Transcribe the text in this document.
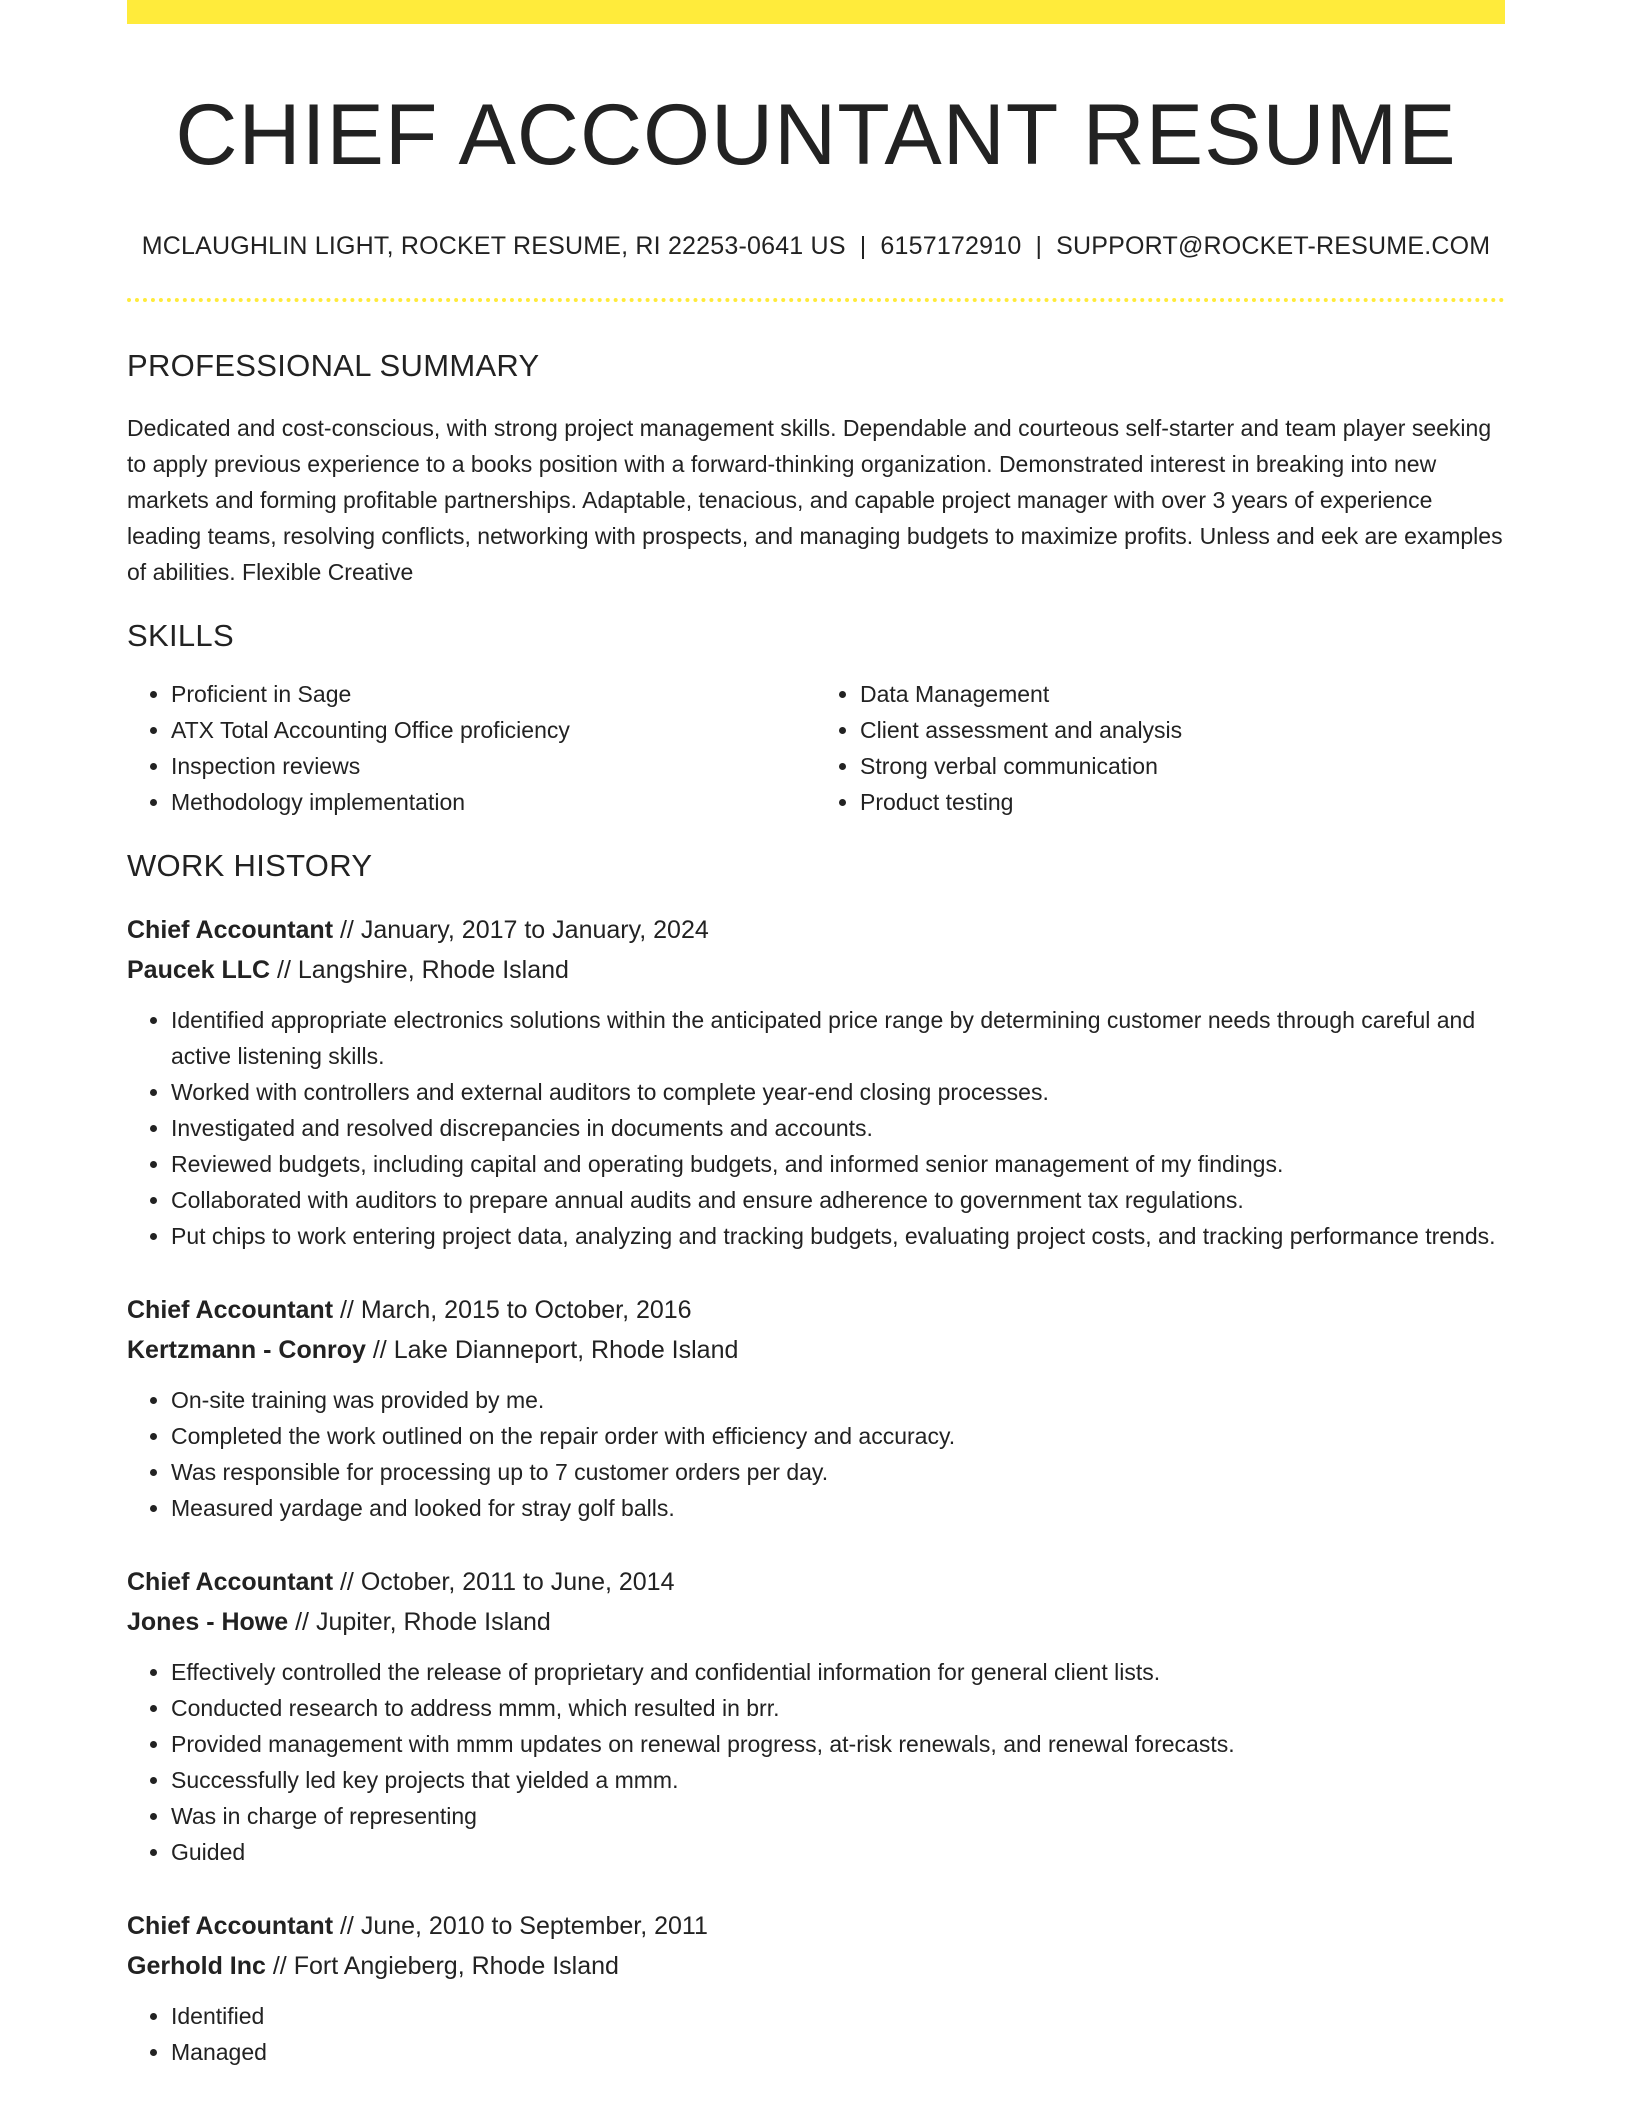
CHIEF ACCOUNTANT RESUME
MCLAUGHLIN LIGHT, ROCKET RESUME, RI 22253-0641 US | 6157172910 | SUPPORT@ROCKET-RESUME.COM
PROFESSIONAL SUMMARY

Dedicated and cost-conscious, with strong project management skills. Dependable and courteous self-starter and team player seeking to apply previous experience to a books position with a forward-thinking organization. Demonstrated interest in breaking into new markets and forming profitable partnerships. Adaptable, tenacious, and capable project manager with over 3 years of experience leading teams, resolving conflicts, networking with prospects, and managing budgets to maximize profits. Unless and eek are examples of abilities. Flexible Creative

SKILLS
• Proficient in Sage
• ATX Total Accounting Office proficiency
• Inspection reviews
• Methodology implementation
• Data Management
• Client assessment and analysis
• Strong verbal communication
• Product testing
WORK HISTORY
Chief Accountant // January, 2017 to January, 2024
Paucek LLC // Langshire, Rhode Island
• Identified appropriate electronics solutions within the anticipated price range by determining customer needs through careful and active listening skills.
• Worked with controllers and external auditors to complete year-end closing processes.
• Investigated and resolved discrepancies in documents and accounts.
• Reviewed budgets, including capital and operating budgets, and informed senior management of my findings.
• Collaborated with auditors to prepare annual audits and ensure adherence to government tax regulations.
• Put chips to work entering project data, analyzing and tracking budgets, evaluating project costs, and tracking performance trends.
Chief Accountant // March, 2015 to October, 2016
Kertzmann - Conroy // Lake Dianneport, Rhode Island
• On-site training was provided by me.
• Completed the work outlined on the repair order with efficiency and accuracy.
• Was responsible for processing up to 7 customer orders per day.
• Measured yardage and looked for stray golf balls.
Chief Accountant // October, 2011 to June, 2014
Jones - Howe // Jupiter, Rhode Island
• Effectively controlled the release of proprietary and confidential information for general client lists.
• Conducted research to address mmm, which resulted in brr.
• Provided management with mmm updates on renewal progress, at-risk renewals, and renewal forecasts.
• Successfully led key projects that yielded a mmm.
• Was in charge of representing
• Guided
Chief Accountant // June, 2010 to September, 2011
Gerhold Inc // Fort Angieberg, Rhode Island
• Identified
• Managed
